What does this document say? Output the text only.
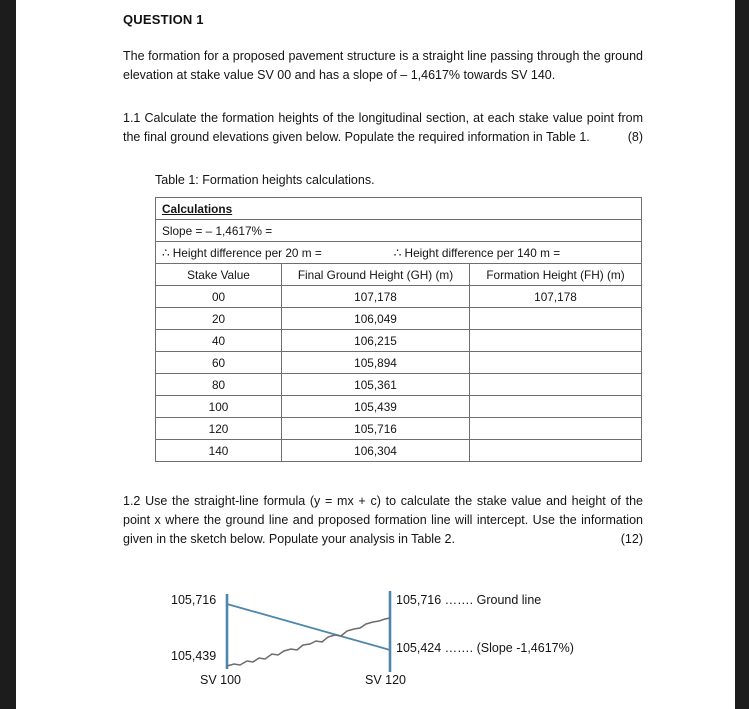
QUESTION 1

The formation for a proposed pavement structure is a straight line passing through the ground elevation at stake value SV 00 and has a slope of – 1,4617% towards SV 140.

1.1 Calculate the formation heights of the longitudinal section, at each stake value point from the final ground elevations given below. Populate the required information in Table 1.	(8)

Table 1: Formation heights calculations.
Calculations		
Slope = – 1,4617% =		
∴ Height difference per 20 m = ∴ Height difference per 140 m =		
Stake Value	Final Ground Height (GH) (m)	Formation Height (FH) (m)
00	107,178	107,178
20	106,049	
40	106,215	
60	105,894	
80	105,361	
100	105,439	
120	105,716	
140	106,304	

1.2 Use the straight-line formula (y = mx + c) to calculate the stake value and height of the point x where the ground line and proposed formation line will intercept. Use the information given in the sketch below. Populate your analysis in Table 2.	(12)

105,716
105,439
SV 100	SV 120
105,716 ……. Ground line
105,424 ……. (Slope -1,4617%)
